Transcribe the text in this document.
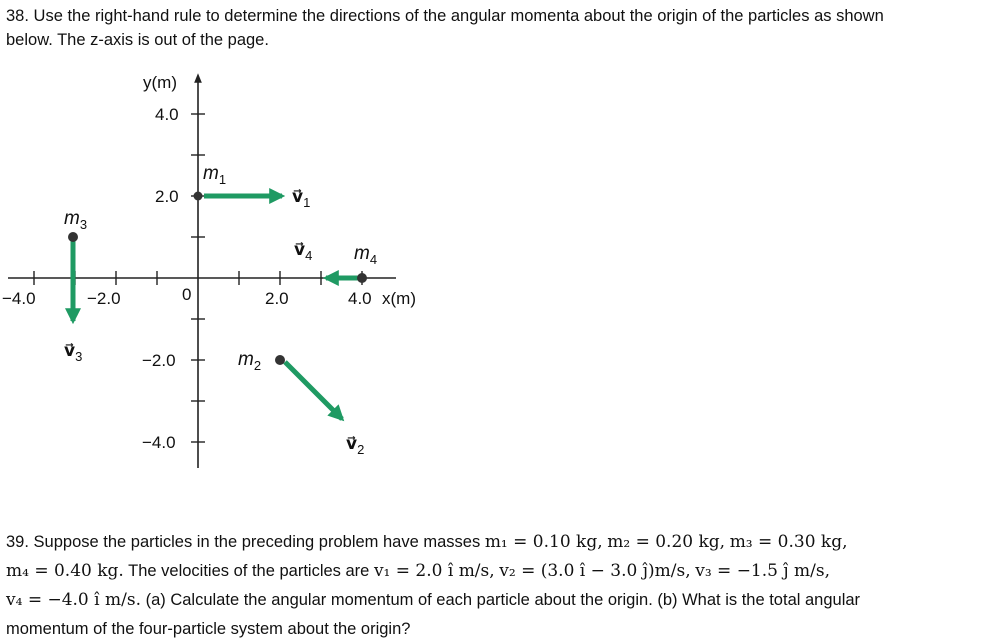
38. Use the right-hand rule to determine the directions of the angular momenta about the origin of the particles as shown
below. The z-axis is out of the page.
y(m)
x(m)
4.0
2.0
−2.0
−4.0
−4.0	−2.0	0	2.0	4.0
$m_1$
$m_2$
$m_3$
$m_4$
$v⃗_1$
$v⃗_2$
$v⃗_3$
$v⃗_4$
39. Suppose the particles in the preceding problem have masses m₁ = 0.10 kg, m₂ = 0.20 kg, m₃ = 0.30 kg,
m₄ = 0.40 kg. The velocities of the particles are v₁ = 2.0 î m/s, v₂ = (3.0 î − 3.0 ĵ)m/s, v₃ = −1.5 ĵ m/s,
v₄ = −4.0 î m/s. (a) Calculate the angular momentum of each particle about the origin. (b) What is the total angular
momentum of the four-particle system about the origin?
